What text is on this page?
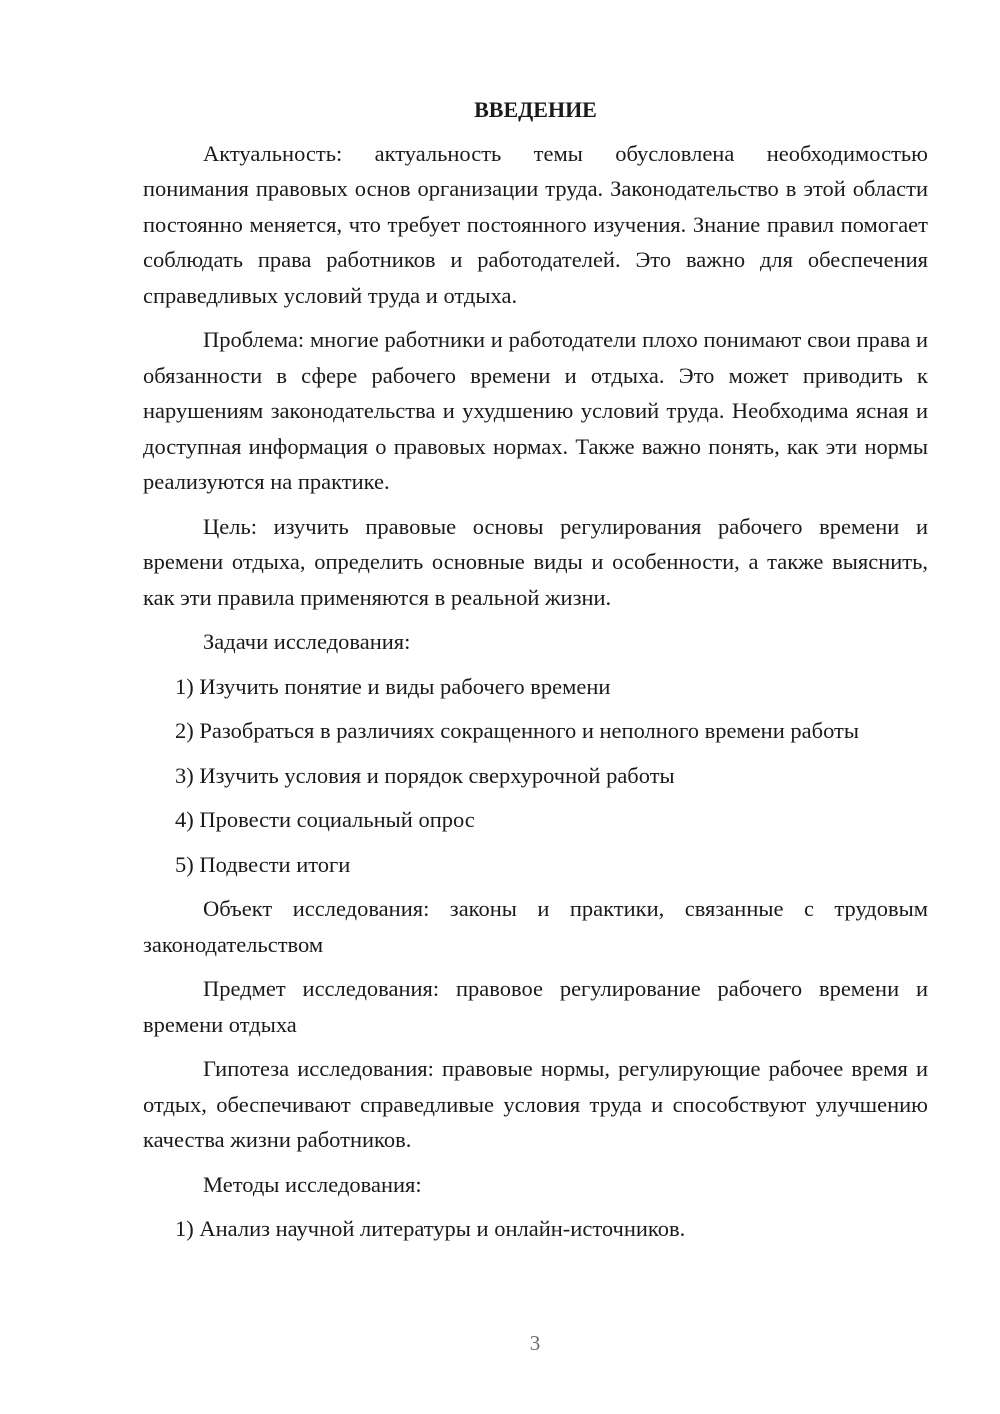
ВВЕДЕНИЕ

Актуальность: актуальность темы обусловлена необходимостью понимания правовых основ организации труда. Законодательство в этой области постоянно меняется, что требует постоянного изучения. Знание правил помогает соблюдать права работников и работодателей. Это важно для обеспечения справедливых условий труда и отдыха.

Проблема: многие работники и работодатели плохо понимают свои права и обязанности в сфере рабочего времени и отдыха. Это может приводить к нарушениям законодательства и ухудшению условий труда. Необходима ясная и доступная информация о правовых нормах. Также важно понять, как эти нормы реализуются на практике.

Цель: изучить правовые основы регулирования рабочего времени и времени отдыха, определить основные виды и особенности, а также выяснить, как эти правила применяются в реальной жизни.

Задачи исследования:

1) Изучить понятие и виды рабочего времени

2) Разобраться в различиях сокращенного и неполного времени работы

3) Изучить условия и порядок сверхурочной работы

4) Провести социальный опрос

5) Подвести итоги

Объект исследования: законы и практики, связанные с трудовым законодательством

Предмет исследования: правовое регулирование рабочего времени и времени отдыха

Гипотеза исследования: правовые нормы, регулирующие рабочее время и отдых, обеспечивают справедливые условия труда и способствуют улучшению качества жизни работников.

Методы исследования:

1) Анализ научной литературы и онлайн-источников.

3
